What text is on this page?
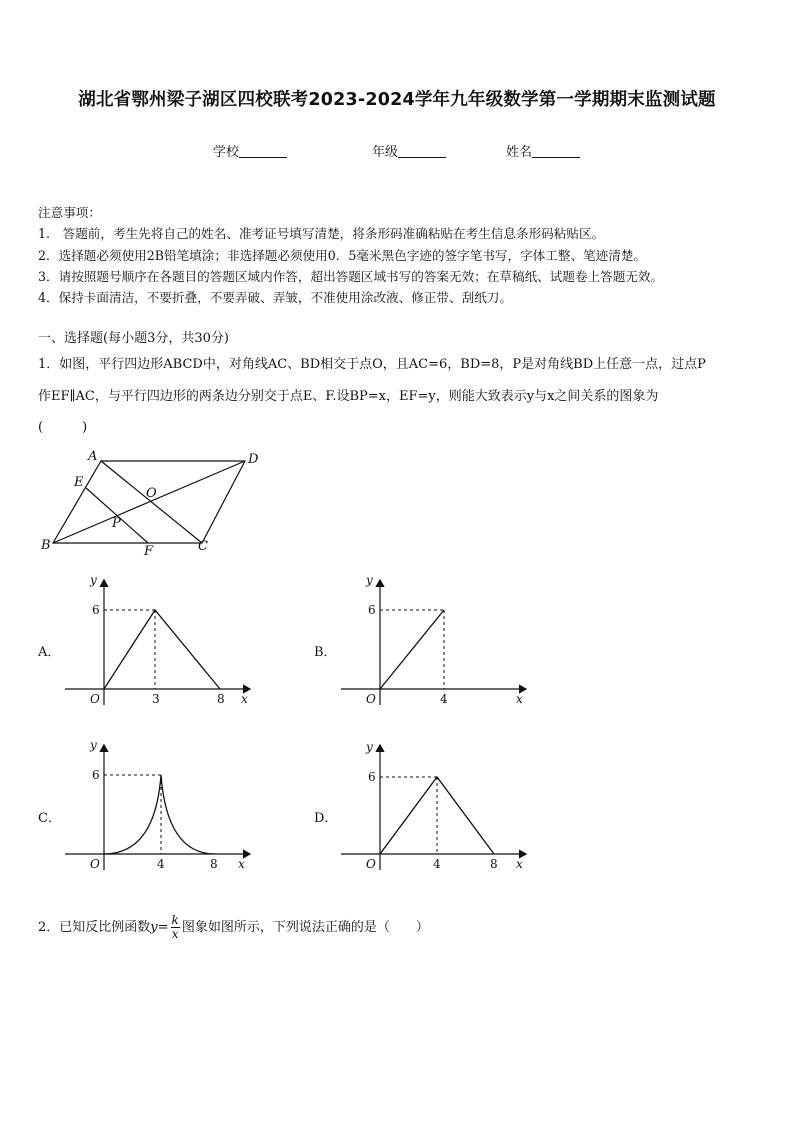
湖北省鄂州梁子湖区四校联考2023-2024学年九年级数学第一学期期末监测试题
学校	年级	姓名
注意事项：
1.　答题前，考生先将自己的姓名、准考证号填写清楚，将条形码准确粘贴在考生信息条形码粘贴区。
2．选择题必须使用2B铅笔填涂；非选择题必须使用0．5毫米黑色字迹的签字笔书写，字体工整、笔迹清楚。
3．请按照题号顺序在各题目的答题区域内作答，超出答题区域书写的答案无效；在草稿纸、试题卷上答题无效。
4．保持卡面清洁，不要折叠，不要弄破、弄皱，不准使用涂改液、修正带、刮纸刀。
一、选择题(每小题3分，共30分)
1．如图，平行四边形ABCD中，对角线AC、BD相交于点O，且AC=6，BD=8，P是对角线BD上任意一点，过点P
作EF∥AC，与平行四边形的两条边分别交于点E、F.设BP=x，EF=y，则能大致表示y与x之间关系的图象为
(　　　)
A	D
E
O
P
B	F	C
A．
y
6
O	3	8 x
B．
y
6
O	4	x
C．
y
6
O	4	8 x
D．
y
6
O	4	8 x
2．已知反比例函数$y= \frac{k}{x}$ 图象如图所示，下列说法正确的是（　　）
